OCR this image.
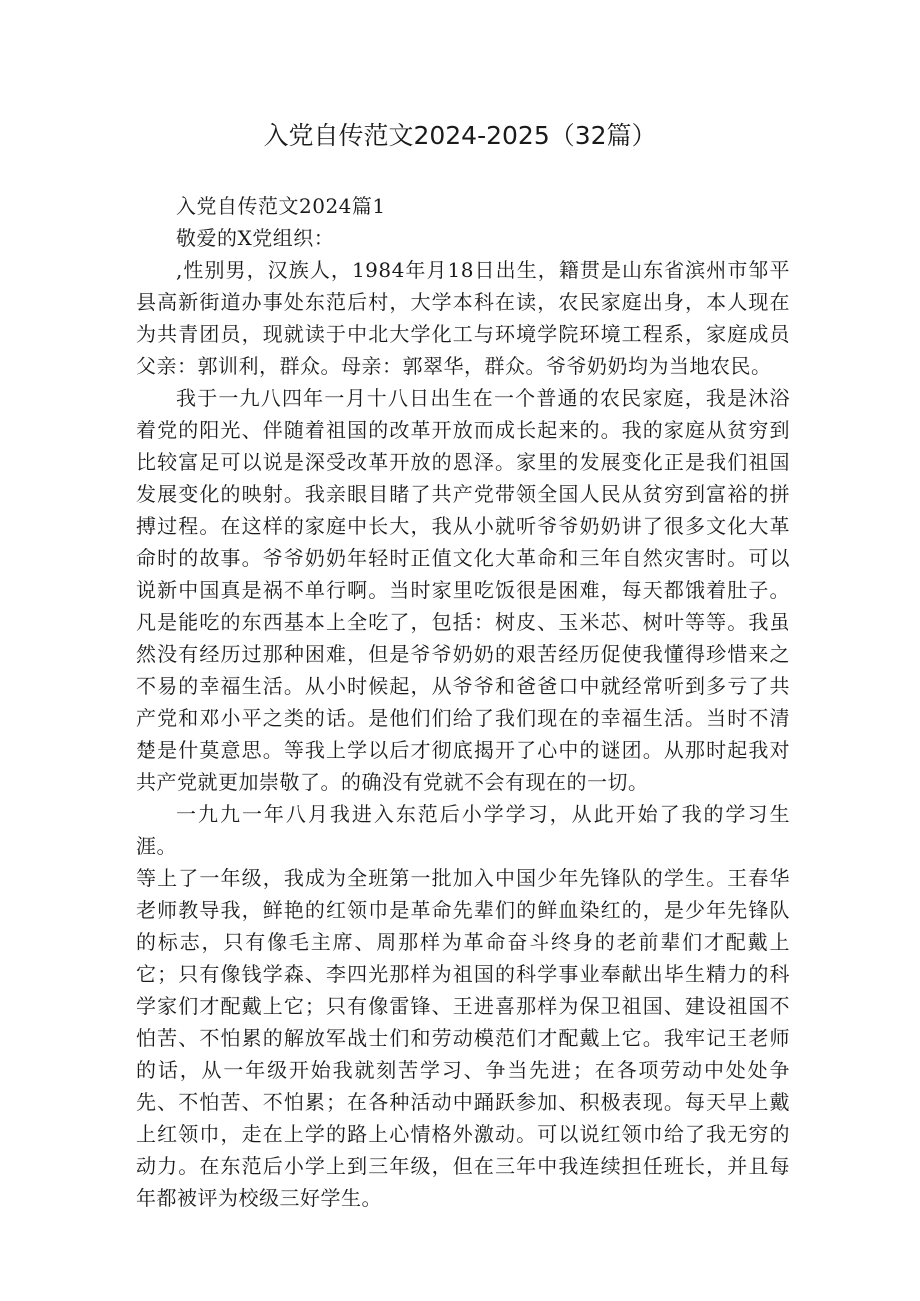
入党自传范文2024-2025（32篇）

入党自传范文2024篇1

敬爱的X党组织：

,性别男，汉族人，1984年月18日出生，籍贯是山东省滨州市邹平县高新街道办事处东范后村，大学本科在读，农民家庭出身，本人现在为共青团员，现就读于中北大学化工与环境学院环境工程系，家庭成员父亲：郭训利，群众。母亲：郭翠华，群众。爷爷奶奶均为当地农民。

我于一九八四年一月十八日出生在一个普通的农民家庭，我是沐浴着党的阳光、伴随着祖国的改革开放而成长起来的。我的家庭从贫穷到比较富足可以说是深受改革开放的恩泽。家里的发展变化正是我们祖国发展变化的映射。我亲眼目睹了共产党带领全国人民从贫穷到富裕的拼搏过程。在这样的家庭中长大，我从小就听爷爷奶奶讲了很多文化大革命时的故事。爷爷奶奶年轻时正值文化大革命和三年自然灾害时。可以说新中国真是祸不单行啊。当时家里吃饭很是困难，每天都饿着肚子。凡是能吃的东西基本上全吃了，包括：树皮、玉米芯、树叶等等。我虽然没有经历过那种困难，但是爷爷奶奶的艰苦经历促使我懂得珍惜来之不易的幸福生活。从小时候起，从爷爷和爸爸口中就经常听到多亏了共产党和邓小平之类的话。是他们们给了我们现在的幸福生活。当时不清楚是什莫意思。等我上学以后才彻底揭开了心中的谜团。从那时起我对共产党就更加崇敬了。的确没有党就不会有现在的一切。

一九九一年八月我进入东范后小学学习，从此开始了我的学习生涯。

等上了一年级，我成为全班第一批加入中国少年先锋队的学生。王春华老师教导我，鲜艳的红领巾是革命先辈们的鲜血染红的，是少年先锋队的标志，只有像毛主席、周那样为革命奋斗终身的老前辈们才配戴上它；只有像钱学森、李四光那样为祖国的科学事业奉献出毕生精力的科学家们才配戴上它；只有像雷锋、王进喜那样为保卫祖国、建设祖国不怕苦、不怕累的解放军战士们和劳动模范们才配戴上它。我牢记王老师的话，从一年级开始我就刻苦学习、争当先进；在各项劳动中处处争先、不怕苦、不怕累；在各种活动中踊跃参加、积极表现。每天早上戴上红领巾，走在上学的路上心情格外激动。可以说红领巾给了我无穷的动力。在东范后小学上到三年级，但在三年中我连续担任班长，并且每年都被评为校级三好学生。
